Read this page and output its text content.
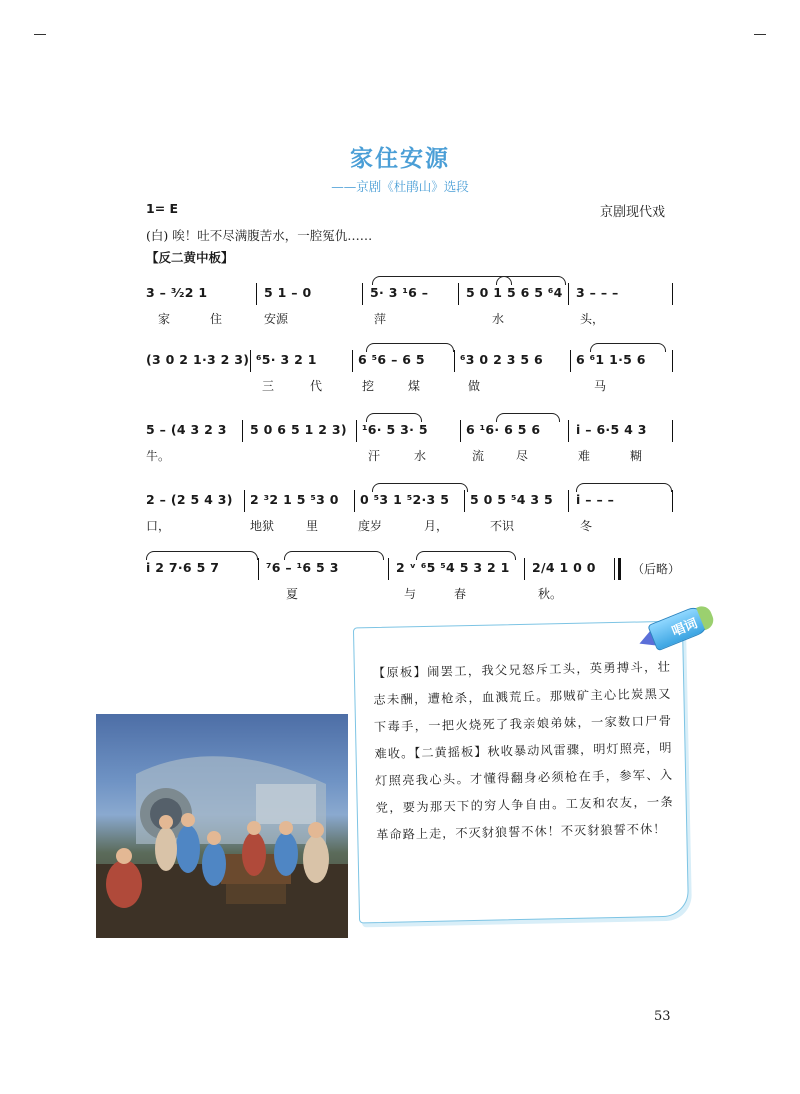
家住安源
——京剧《杜鹃山》选段
1= E	京剧现代戏
(白) 唉！吐不尽满腹苦水，一腔冤仇……
【反二黄中板】
3 – ³⁄₂2 1	5 1 – 0	5· 3 ¹6 –	5 0 1 5 6 5 ⁶4 3 – – –
家	住	安源	萍	水	头，
(3 0 2 1·3 2 3) ⁶5· 3 2 1	6 ⁵6 – 6 5	⁶3 0 2 3 5 6	6 ⁶1 1·5 6
三	代	挖	煤	做	马
5 – (4 3 2 3 5 0 6 5 1 2 3) ¹6· 5 3· 5	6 ¹6· 6 5 6	i – 6·5 4 3
牛。	汗	水	流	尽	难	糊
2 – (2 5 4 3) 2 ³2 1 5 ⁵3 0 0 ⁵3 1 ⁵2·3 5 5 0 5 ⁵4 3 5 i – – –
口，	地狱	里	度岁	月，	不识	冬
i 2 7·6 5 7	⁷6 – ¹6 5 3	2 ᵛ ⁶5 ⁵4 5 3 2 1 2/4 1 0 0	（后略）
夏	与	春	秋。
【原板】闹罢工，我父兄怒斥工头，英勇搏斗，壮志未酬，遭枪杀，血溅荒丘。那贼矿主心比炭黑又下毒手，一把火烧死了我亲娘弟妹，一家数口尸骨难收。【二黄摇板】秋收暴动风雷骤，明灯照亮，明灯照亮我心头。才懂得翻身必须枪在手，参军、入党，要为那天下的穷人争自由。工友和农友，一条革命路上走，不灭豺狼誓不休！不灭豺狼誓不休！
唱词
53
